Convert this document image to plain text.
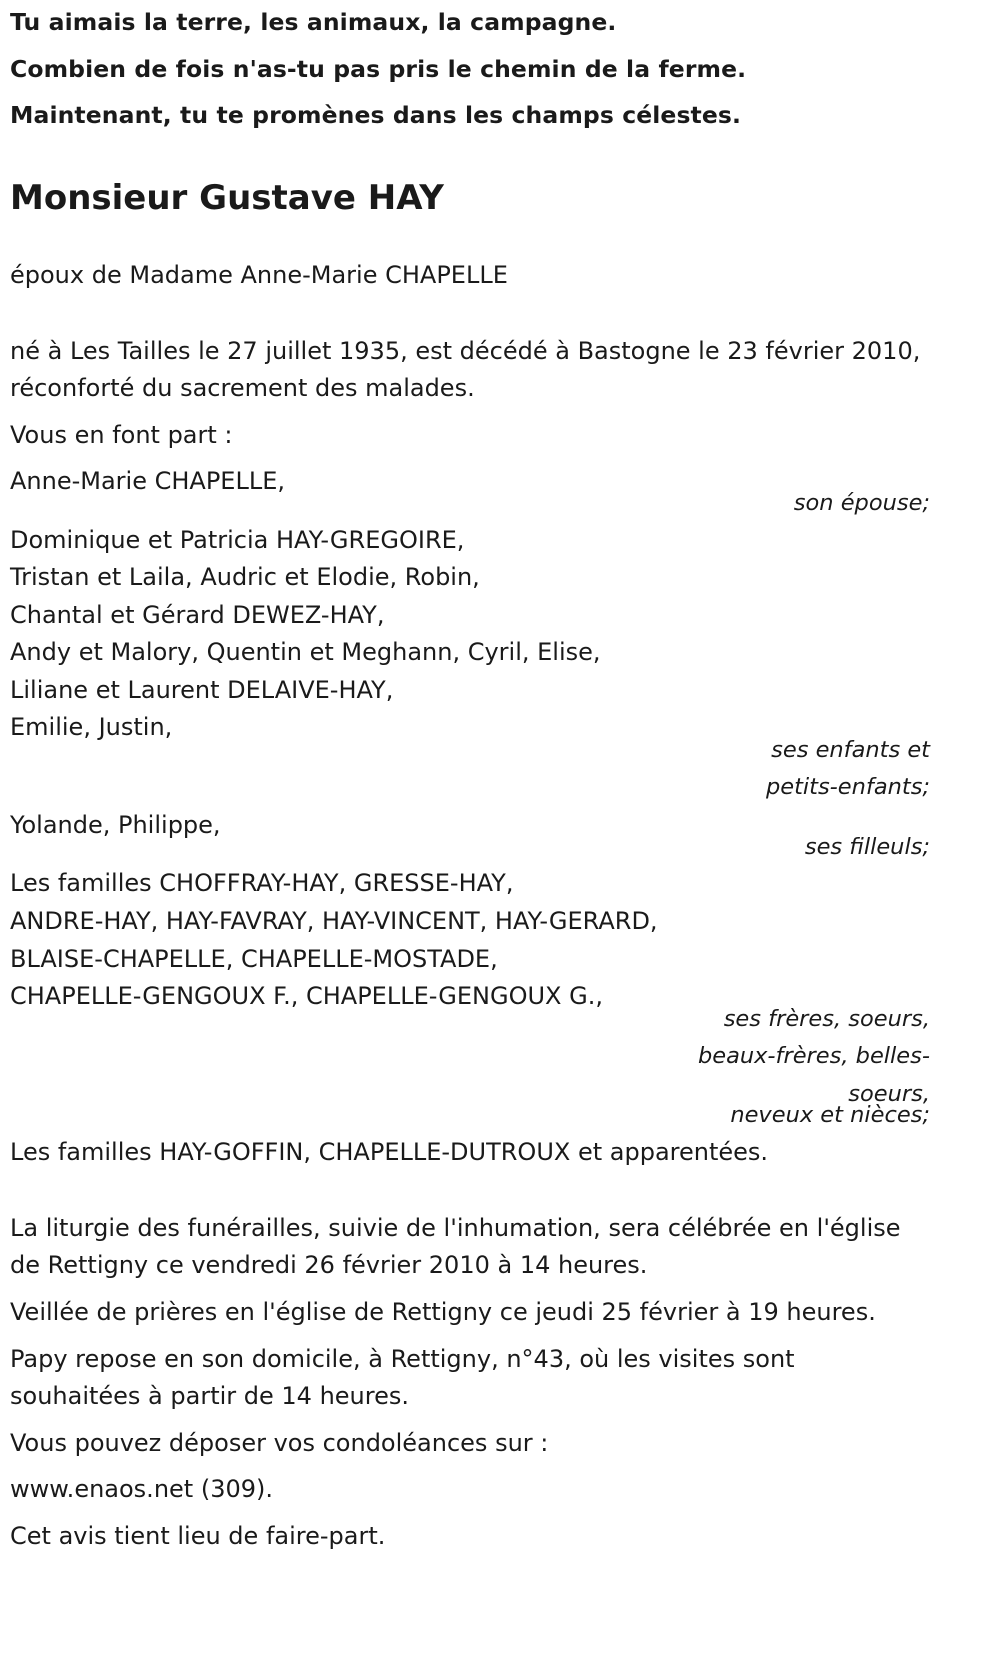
Tu aimais la terre, les animaux, la campagne.

Combien de fois n'as-tu pas pris le chemin de la ferme.

Maintenant, tu te promènes dans les champs célestes.

Monsieur Gustave HAY

époux de Madame Anne-Marie CHAPELLE

né à Les Tailles le 27 juillet 1935, est décédé à Bastogne le 23 février 2010,

réconforté du sacrement des malades.

Vous en font part :

Anne-Marie CHAPELLE,

son épouse;

Dominique et Patricia HAY-GREGOIRE,

Tristan et Laila, Audric et Elodie, Robin,

Chantal et Gérard DEWEZ-HAY,

Andy et Malory, Quentin et Meghann, Cyril, Elise,

Liliane et Laurent DELAIVE-HAY,

Emilie, Justin,

ses enfants et

petits-enfants;

Yolande, Philippe,

ses filleuls;

Les familles CHOFFRAY-HAY, GRESSE-HAY,

ANDRE-HAY, HAY-FAVRAY, HAY-VINCENT, HAY-GERARD,

BLAISE-CHAPELLE, CHAPELLE-MOSTADE,

CHAPELLE-GENGOUX F., CHAPELLE-GENGOUX G.,

ses frères, soeurs,

beaux-frères, belles-

soeurs,

neveux et nièces;

Les familles HAY-GOFFIN, CHAPELLE-DUTROUX et apparentées.

La liturgie des funérailles, suivie de l'inhumation, sera célébrée en l'église

de Rettigny ce vendredi 26 février 2010 à 14 heures.

Veillée de prières en l'église de Rettigny ce jeudi 25 février à 19 heures.

Papy repose en son domicile, à Rettigny, n°43, où les visites sont

souhaitées à partir de 14 heures.

Vous pouvez déposer vos condoléances sur :

www.enaos.net (309).

Cet avis tient lieu de faire-part.
